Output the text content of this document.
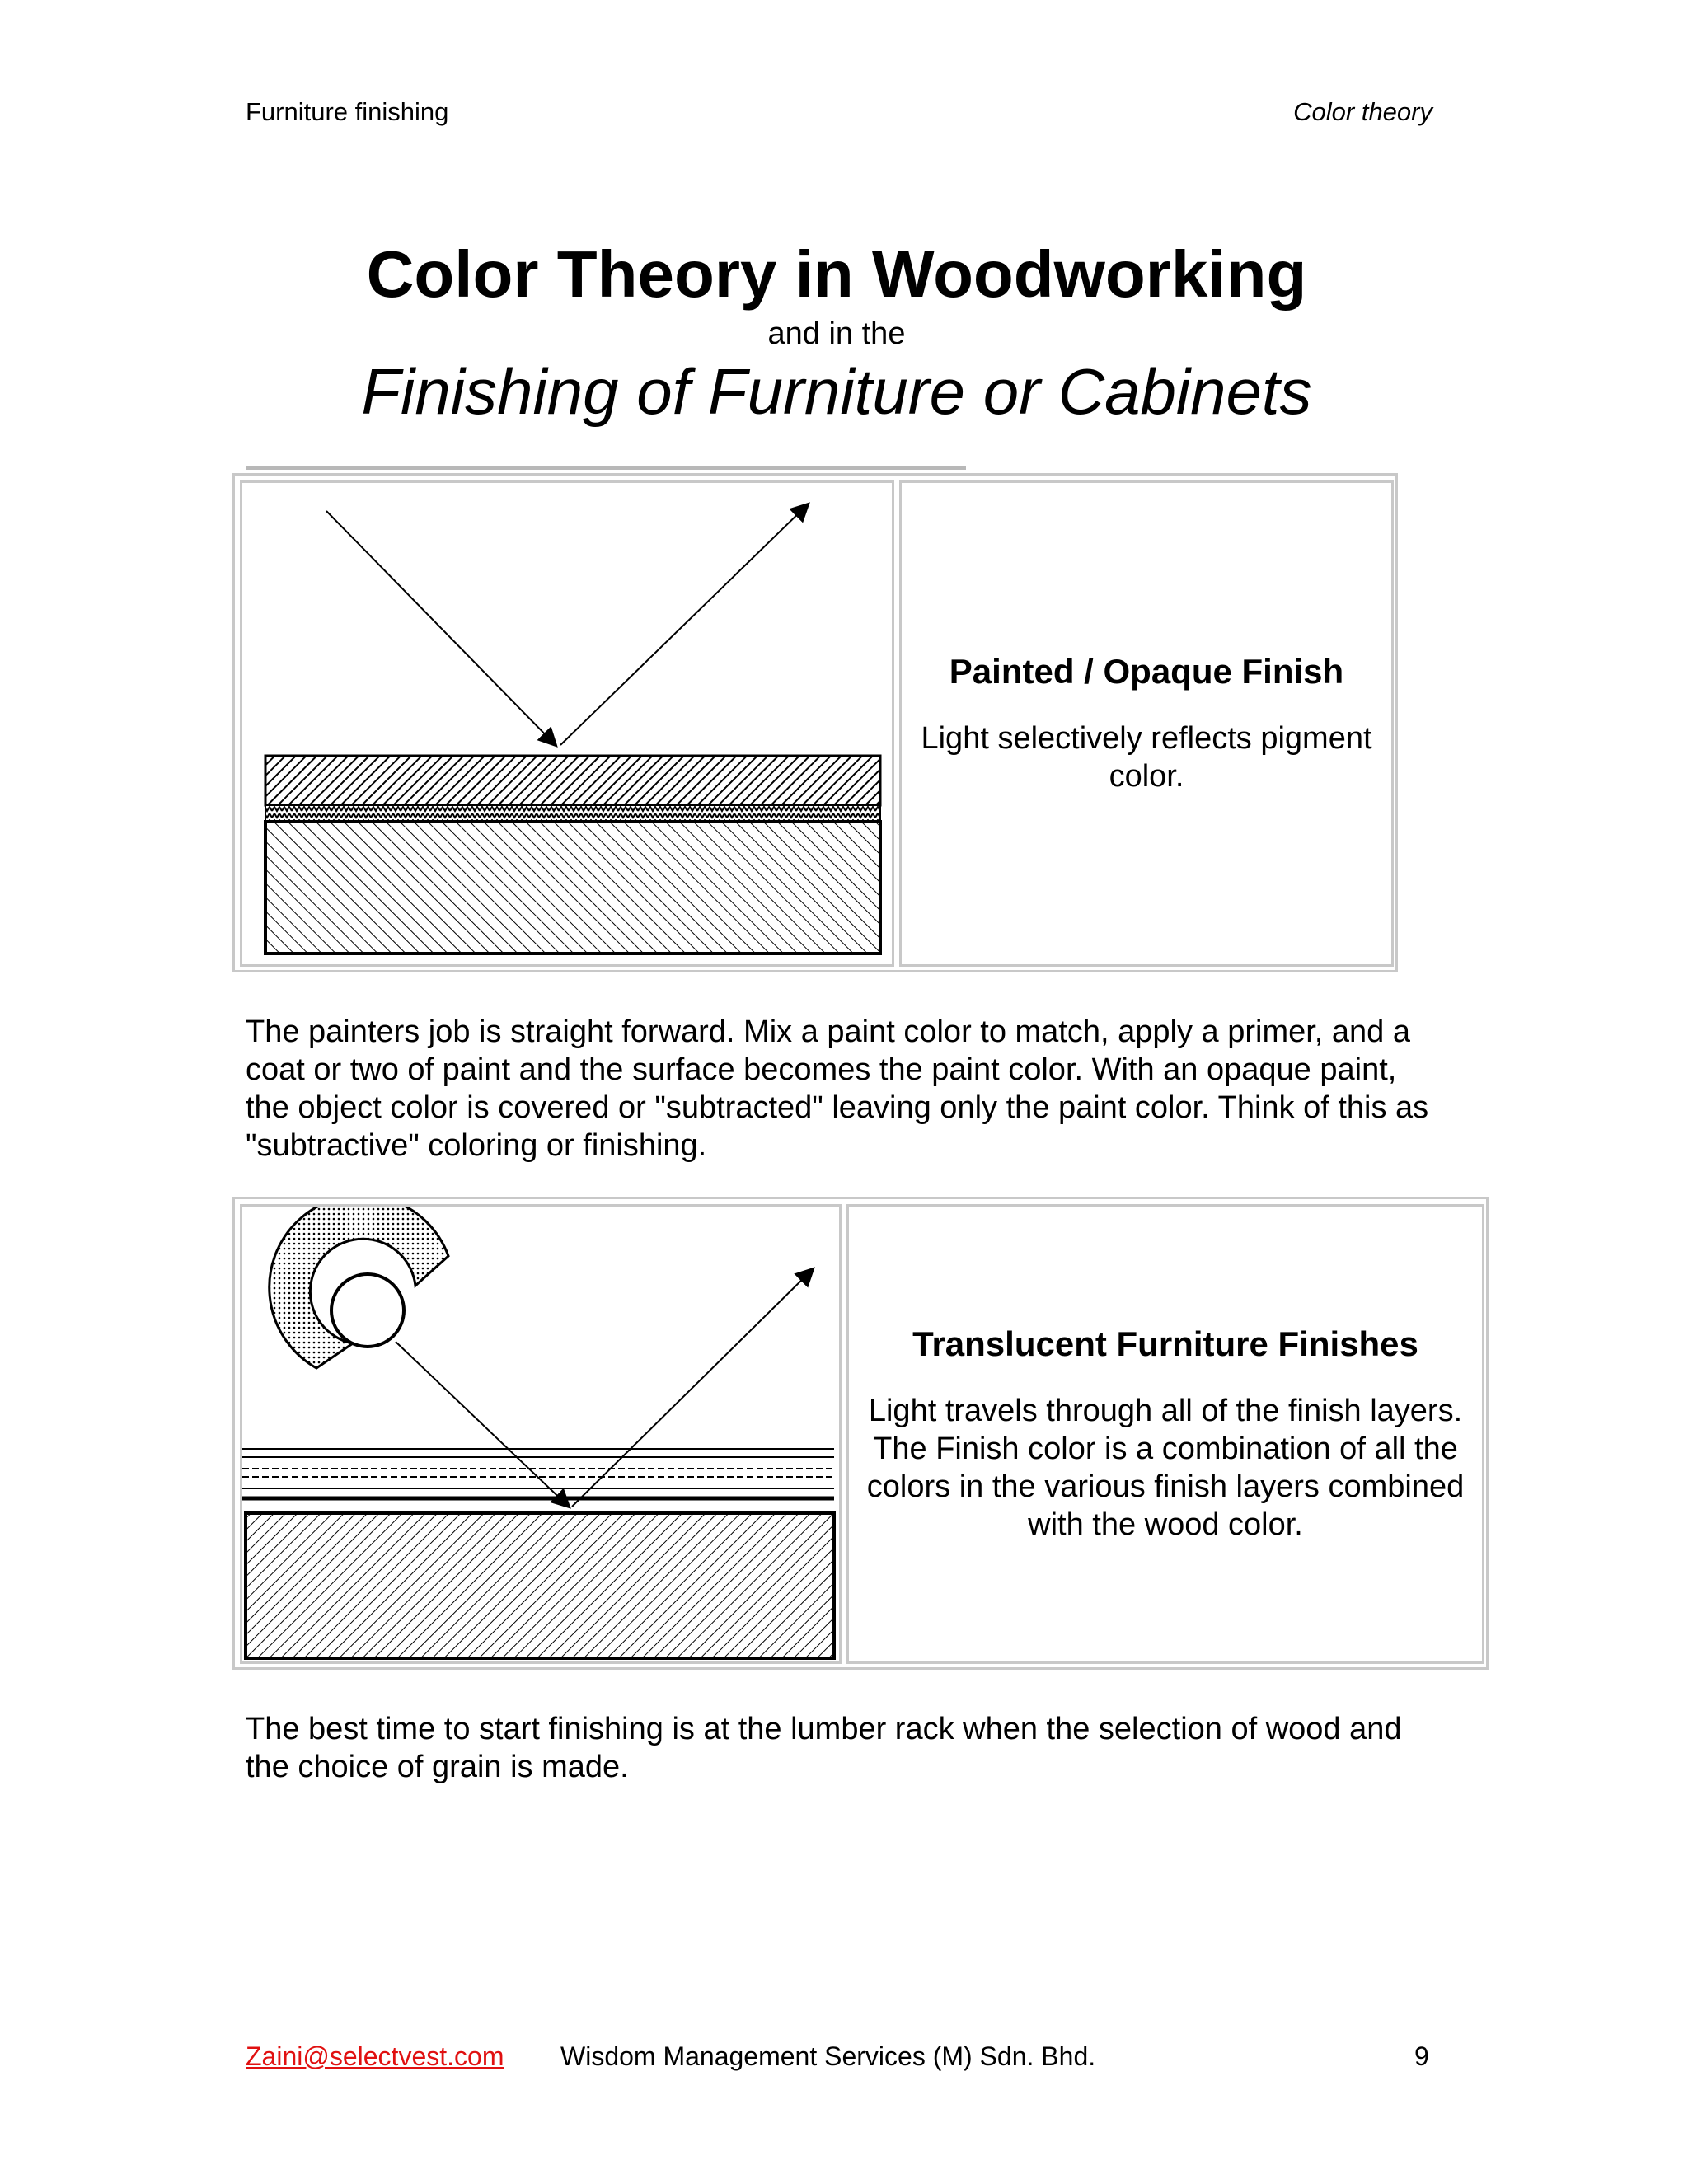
Furniture finishing	Color theory
Color Theory in Woodworking
and in the
Finishing of Furniture or Cabinets
Painted / Opaque Finish
Light selectively reflects pigment color.
The painters job is straight forward. Mix a paint color to match, apply a primer, and a coat or two of paint and the surface becomes the paint color. With an opaque paint, the object color is covered or "subtracted" leaving only the paint color. Think of this as "subtractive" coloring or finishing.
Translucent Furniture Finishes
Light travels through all of the finish layers. The Finish color is a combination of all the colors in the various finish layers combined with the wood color.
The best time to start finishing is at the lumber rack when the selection of wood and the choice of grain is made.
Zaini@selectvest.com Wisdom Management Services (M) Sdn. Bhd.	9
